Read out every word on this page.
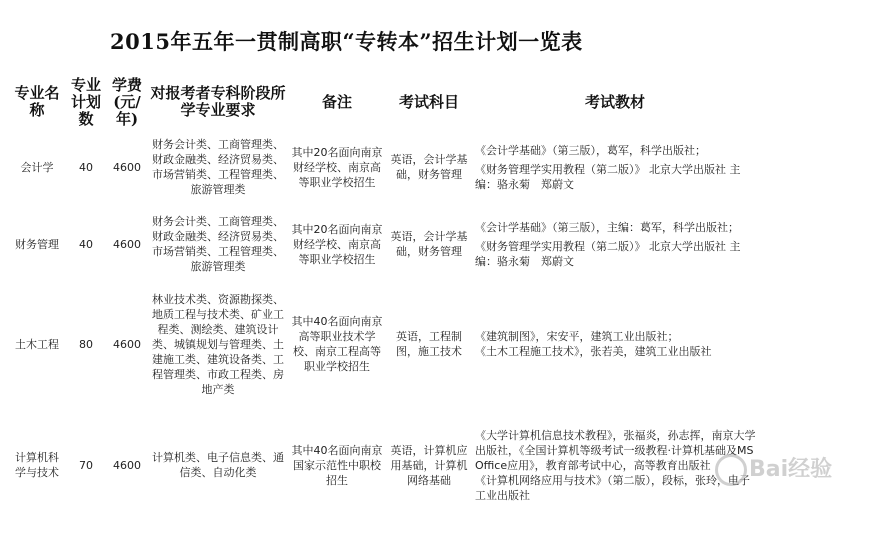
2015年五年一贯制高职“专转本”招生计划一览表
专业名称	专业计划数	学费(元/年)	对报考者专科阶段所学专业要求	备注	考试科目	考试教材
会计学	40	4600	财务会计类、工商管理类、财政金融类、经济贸易类、市场营销类、工程管理类、旅游管理类	其中20名面向南京财经学校、南京高等职业学校招生	英语，会计学基础，财务管理	《会计学基础》（第三版），葛军，科学出版社；

《财务管理学实用教程（第二版）》 北京大学出版社 主编：骆永菊　郑蔚文

财务管理	40	4600	财务会计类、工商管理类、财政金融类、经济贸易类、市场营销类、工程管理类、旅游管理类	其中20名面向南京财经学校、南京高等职业学校招生	英语，会计学基础，财务管理	《会计学基础》（第三版），主编：葛军，科学出版社；

《财务管理学实用教程（第二版）》 北京大学出版社 主编：骆永菊　郑蔚文

土木工程	80	4600	林业技术类、资源勘探类、地质工程与技术类、矿业工程类、测绘类、建筑设计类、城镇规划与管理类、土建施工类、建筑设备类、工程管理类、市政工程类、房地产类	其中40名面向南京高等职业技术学校、南京工程高等职业学校招生	英语，工程制图，施工技术	《建筑制图》，宋安平，建筑工业出版社；

《土木工程施工技术》，张若美，建筑工业出版社

计算机科学与技术	70	4600	计算机类、电子信息类、通信类、自动化类	其中40名面向南京国家示范性中职校招生	英语，计算机应用基础，计算机网络基础	《大学计算机信息技术教程》，张福炎，孙志挥，南京大学出版社，《全国计算机等级考试一级教程·计算机基础及MS Office应用》，教育部考试中心，高等教育出版社

《计算机网络应用与技术》（第二版），段标，张玲，电子工业出版社

Bai经验
